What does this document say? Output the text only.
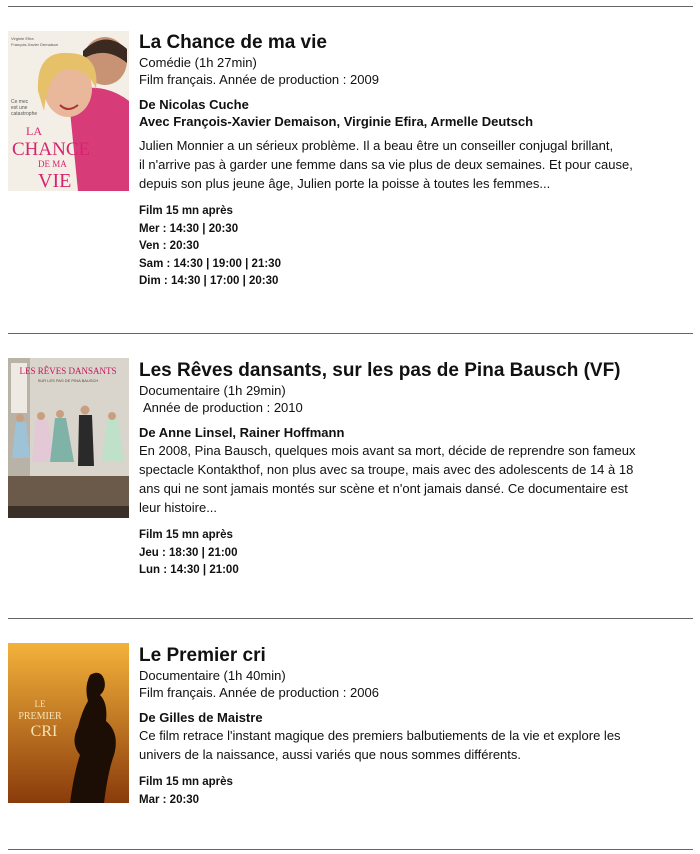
Virginie Efira
François-Xavier Demaison
Ce mec
est une
catastrophe
LA
CHANCE
DE MA
VIE
La Chance de ma vie

Comédie (1h 27min)

Film français. Année de production : 2009

De Nicolas Cuche

Avec François-Xavier Demaison, Virginie Efira, Armelle Deutsch

Julien Monnier a un sérieux problème. Il a beau être un conseiller conjugal brillant,

il n'arrive pas à garder une femme dans sa vie plus de deux semaines. Et pour cause,

depuis son plus jeune âge, Julien porte la poisse à toutes les femmes...

Film 15 mn après

Mer : 14:30 | 20:30

Ven : 20:30

Sam : 14:30 | 19:00 | 21:30

Dim : 14:30 | 17:00 | 20:30

LES RÊVES DANSANTS
SUR LES PAS DE PINA BAUSCH Les Rêves dansants, sur les pas de Pina Bausch (VF)

Documentaire (1h 29min)

Année de production : 2010

De Anne Linsel, Rainer Hoffmann

En 2008, Pina Bausch, quelques mois avant sa mort, décide de reprendre son fameux

spectacle Kontakthof, non plus avec sa troupe, mais avec des adolescents de 14 à 18

ans qui ne sont jamais montés sur scène et n'ont jamais dansé. Ce documentaire est

leur histoire...

Film 15 mn après

Jeu : 18:30 | 21:00

Lun : 14:30 | 21:00

LE
PREMIER
CRI
Le Premier cri

Documentaire (1h 40min)

Film français. Année de production : 2006

De Gilles de Maistre

Ce film retrace l'instant magique des premiers balbutiements de la vie et explore les

univers de la naissance, aussi variés que nous sommes différents.

Film 15 mn après

Mar : 20:30
